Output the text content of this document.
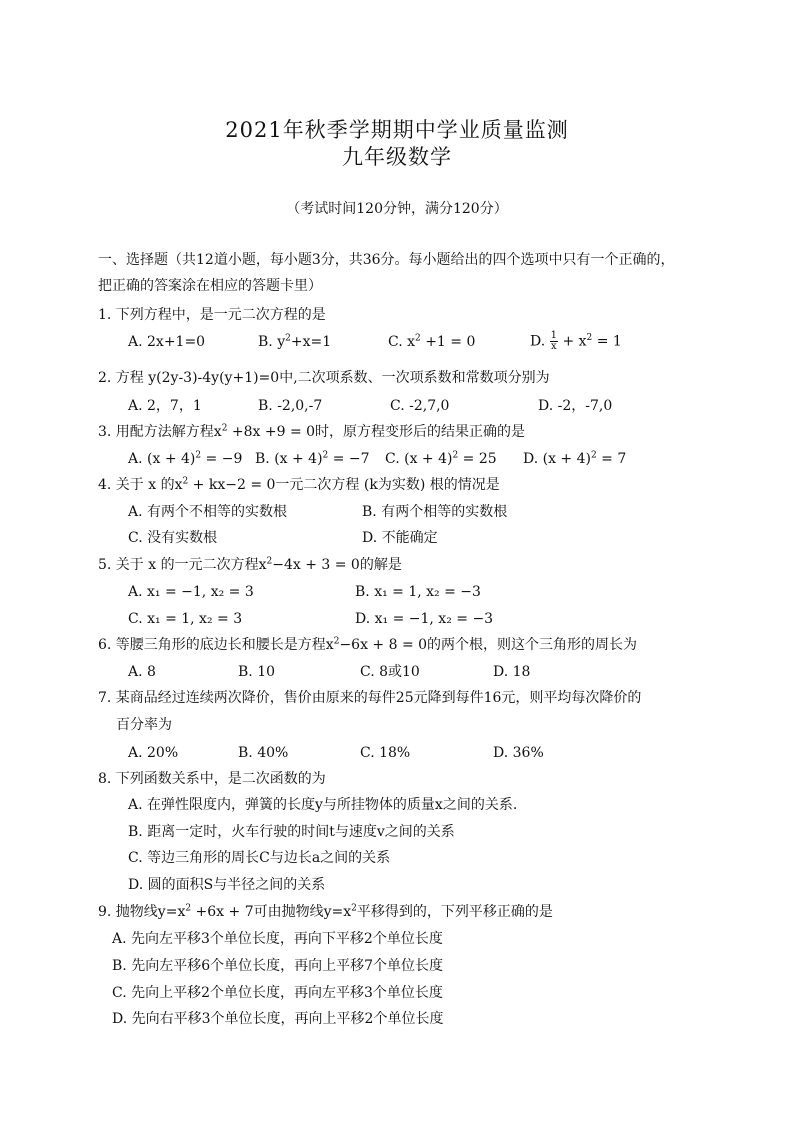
2021年秋季学期期中学业质量监测
九年级数学
（考试时间120分钟，满分120分）
一、选择题（共12道小题，每小题3分，共36分。每小题给出的四个选项中只有一个正确的，
把正确的答案涂在相应的答题卡里）
1. 下列方程中，是一元二次方程的是
A. 2x+1=0	B. $y^2+x=1$	C. $x^2 +1 = 0$	D. $\frac{1}{x} + x^2 = 1$
2. 方程 y(2y-3)-4y(y+1)=0中,二次项系数、一次项系数和常数项分别为
A. 2，7，1	B. -2,0,-7	C. -2,7,0	D. -2，-7,0
3. 用配方法解方程$x^2 +8x +9 = 0$时，原方程变形后的结果正确的是
A. $(x + 4)^2 = -9$ B. $(x + 4)^2 = -7$ C. $(x + 4)^2 = 25$ D. $(x + 4)^2 = 7$
4. 关于 x 的$x^2 + kx-2 = 0$一元二次方程 (k为实数) 根的情况是
A. 有两个不相等的实数根	B. 有两个相等的实数根
C. 没有实数根	D. 不能确定
5. 关于 x 的一元二次方程$x^2-4x + 3 = 0$的解是
A. x₁ = −1, x₂ = 3	B. x₁ = 1, x₂ = −3
C. x₁ = 1, x₂ = 3	D. x₁ = −1, x₂ = −3
6. 等腰三角形的底边长和腰长是方程$x^2-6x + 8 = 0$的两个根，则这个三角形的周长为
A. 8	B. 10	C. 8或10	D. 18
7. 某商品经过连续两次降价，售价由原来的每件25元降到每件16元，则平均每次降价的
百分率为
A. 20%	B. 40%	C. 18%	D. 36%
8. 下列函数关系中，是二次函数的为
A. 在弹性限度内，弹簧的长度y与所挂物体的质量x之间的关系.
B. 距离一定时，火车行驶的时间t与速度v之间的关系
C. 等边三角形的周长C与边长a之间的关系
D. 圆的面积S与半径之间的关系
9. 抛物线$y=x^2 +6x + 7$可由抛物线$y=x^2$平移得到的，下列平移正确的是
A. 先向左平移3个单位长度，再向下平移2个单位长度
B. 先向左平移6个单位长度，再向上平移7个单位长度
C. 先向上平移2个单位长度，再向左平移3个单位长度
D. 先向右平移3个单位长度，再向上平移2个单位长度
